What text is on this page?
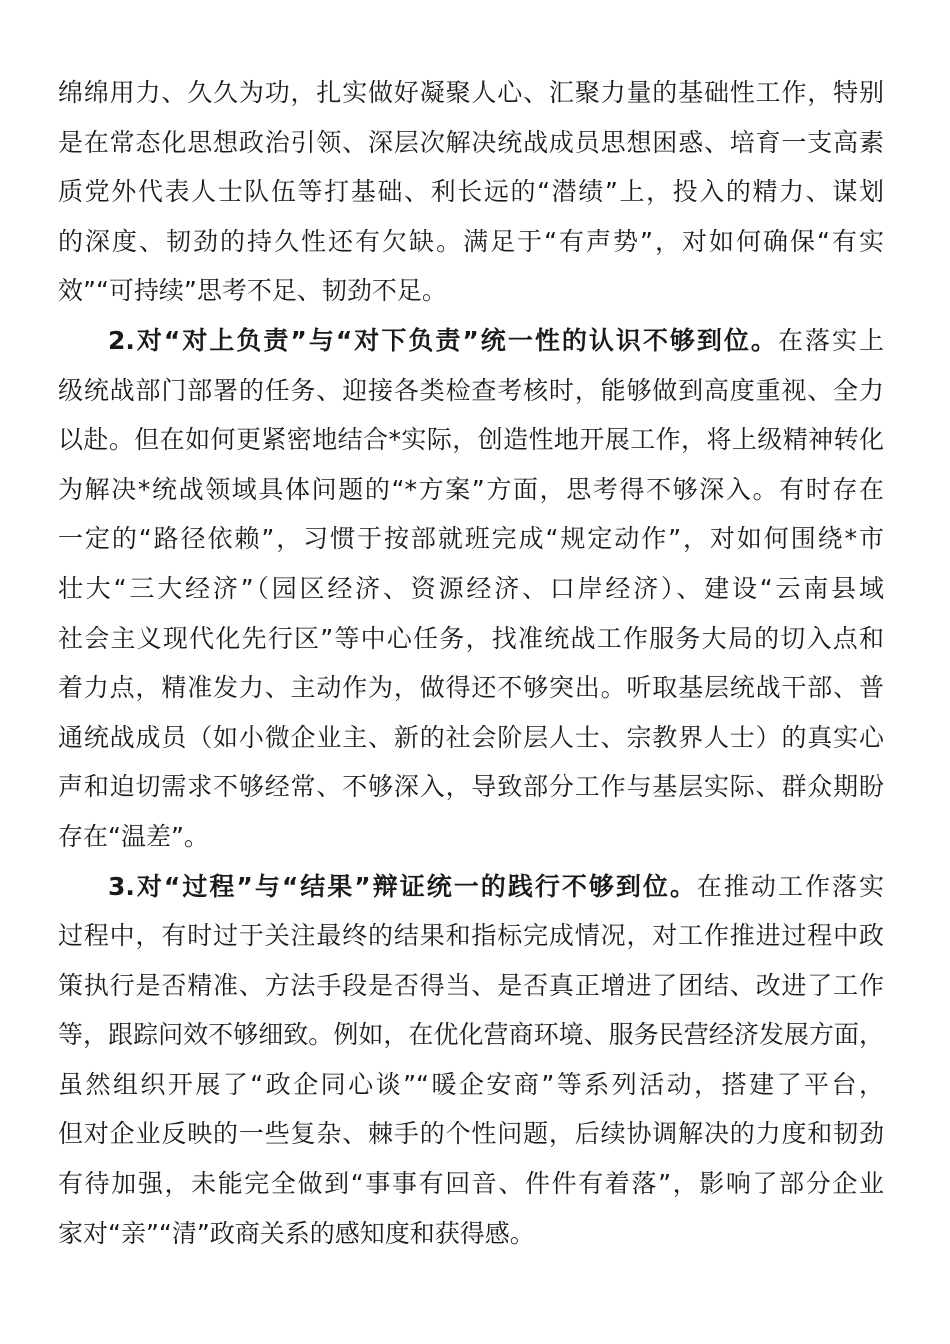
绵绵用力、久久为功，扎实做好凝聚人心、汇聚力量的基础性工作，特别
是在常态化思想政治引领、深层次解决统战成员思想困惑、培育一支高素
质党外代表人士队伍等打基础、利长远的“潜绩”上，投入的精力、谋划
的深度、韧劲的持久性还有欠缺。满足于“有声势”，对如何确保“有实
效”“可持续”思考不足、韧劲不足。
2.对“对上负责”与“对下负责”统一性的认识不够到位。在落实上
级统战部门部署的任务、迎接各类检查考核时，能够做到高度重视、全力
以赴。但在如何更紧密地结合*实际，创造性地开展工作，将上级精神转化
为解决*统战领域具体问题的“*方案”方面，思考得不够深入。有时存在
一定的“路径依赖”，习惯于按部就班完成“规定动作”，对如何围绕*市
壮大“三大经济”（园区经济、资源经济、口岸经济）、建设“云南县域
社会主义现代化先行区”等中心任务，找准统战工作服务大局的切入点和
着力点，精准发力、主动作为，做得还不够突出。听取基层统战干部、普
通统战成员（如小微企业主、新的社会阶层人士、宗教界人士）的真实心
声和迫切需求不够经常、不够深入，导致部分工作与基层实际、群众期盼
存在“温差”。
3.对“过程”与“结果”辩证统一的践行不够到位。在推动工作落实
过程中，有时过于关注最终的结果和指标完成情况，对工作推进过程中政
策执行是否精准、方法手段是否得当、是否真正增进了团结、改进了工作
等，跟踪问效不够细致。例如，在优化营商环境、服务民营经济发展方面，
虽然组织开展了“政企同心谈”“暖企安商”等系列活动，搭建了平台，
但对企业反映的一些复杂、棘手的个性问题，后续协调解决的力度和韧劲
有待加强，未能完全做到“事事有回音、件件有着落”，影响了部分企业
家对“亲”“清”政商关系的感知度和获得感。
